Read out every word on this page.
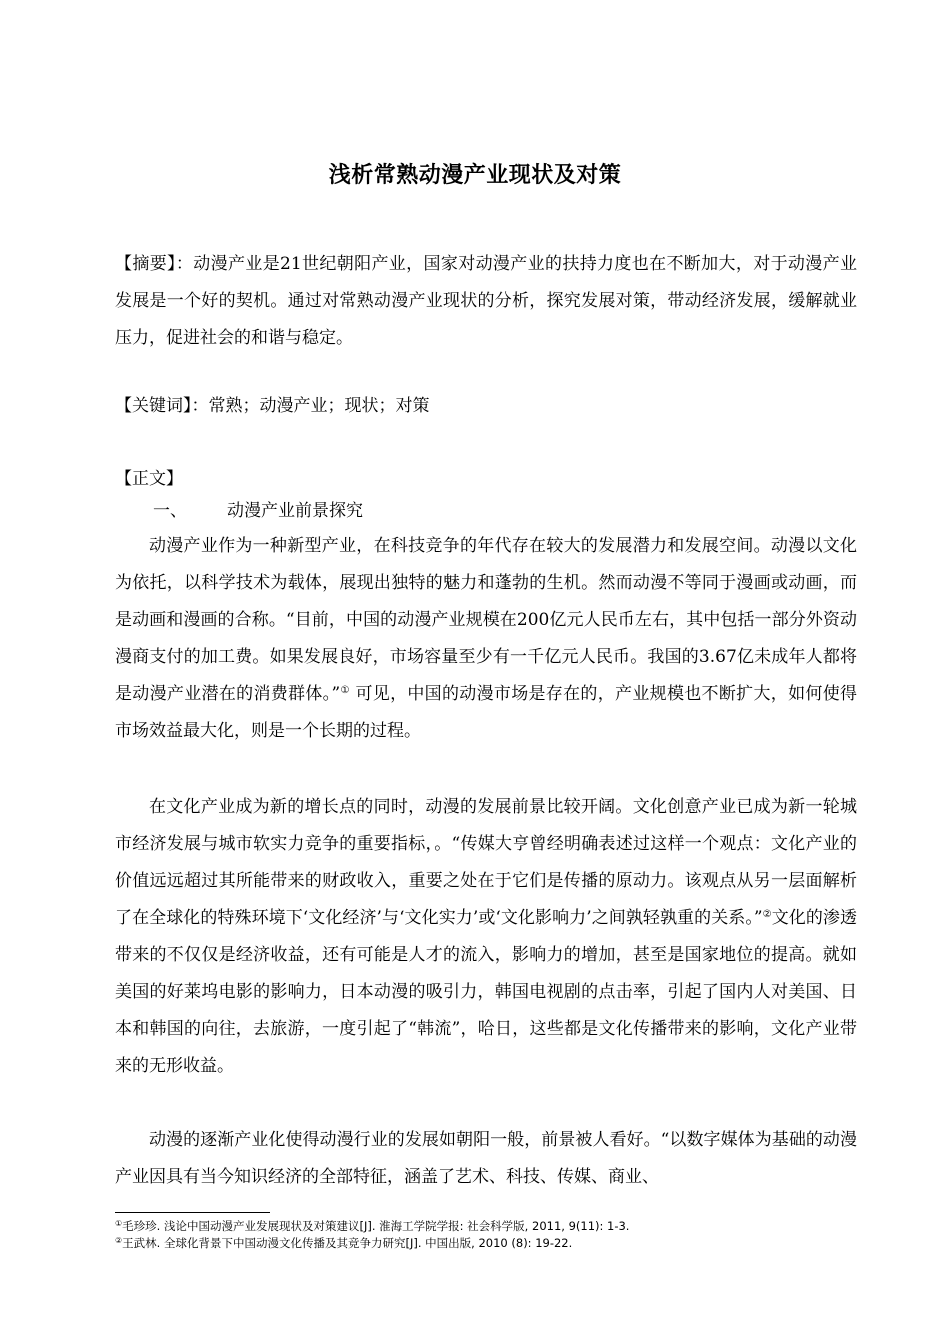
浅析常熟动漫产业现状及对策

【摘要】：动漫产业是21世纪朝阳产业，国家对动漫产业的扶持力度也在不断加大，对于动漫产业发展是一个好的契机。通过对常熟动漫产业现状的分析，探究发展对策，带动经济发展，缓解就业压力，促进社会的和谐与稳定。

【关键词】：常熟；动漫产业；现状；对策

【正文】

一、 动漫产业前景探究

动漫产业作为一种新型产业，在科技竞争的年代存在较大的发展潜力和发展空间。动漫以文化为依托，以科学技术为载体，展现出独特的魅力和蓬勃的生机。然而动漫不等同于漫画或动画，而是动画和漫画的合称。“目前，中国的动漫产业规模在200亿元人民币左右，其中包括一部分外资动漫商支付的加工费。如果发展良好，市场容量至少有一千亿元人民币。我国的3.67亿未成年人都将是动漫产业潜在的消费群体。”① 可见，中国的动漫市场是存在的，产业规模也不断扩大，如何使得市场效益最大化，则是一个长期的过程。

在文化产业成为新的增长点的同时，动漫的发展前景比较开阔。文化创意产业已成为新一轮城市经济发展与城市软实力竞争的重要指标，。“传媒大亨曾经明确表述过这样一个观点：文化产业的价值远远超过其所能带来的财政收入，重要之处在于它们是传播的原动力。该观点从另一层面解析了在全球化的特殊环境下‘文化经济’与‘文化实力’或‘文化影响力’之间孰轻孰重的关系。”②文化的渗透带来的不仅仅是经济收益，还有可能是人才的流入，影响力的增加，甚至是国家地位的提高。就如美国的好莱坞电影的影响力，日本动漫的吸引力，韩国电视剧的点击率，引起了国内人对美国、日本和韩国的向往，去旅游，一度引起了“韩流”，哈日，这些都是文化传播带来的影响，文化产业带来的无形收益。

动漫的逐渐产业化使得动漫行业的发展如朝阳一般，前景被人看好。“以数字媒体为基础的动漫产业因具有当今知识经济的全部特征，涵盖了艺术、科技、传媒、商业、

①毛珍珍. 浅论中国动漫产业发展现状及对策建议[J]. 淮海工学院学报: 社会科学版, 2011, 9(11): 1-3.
②王武林. 全球化背景下中国动漫文化传播及其竞争力研究[J]. 中国出版, 2010 (8): 19-22.
